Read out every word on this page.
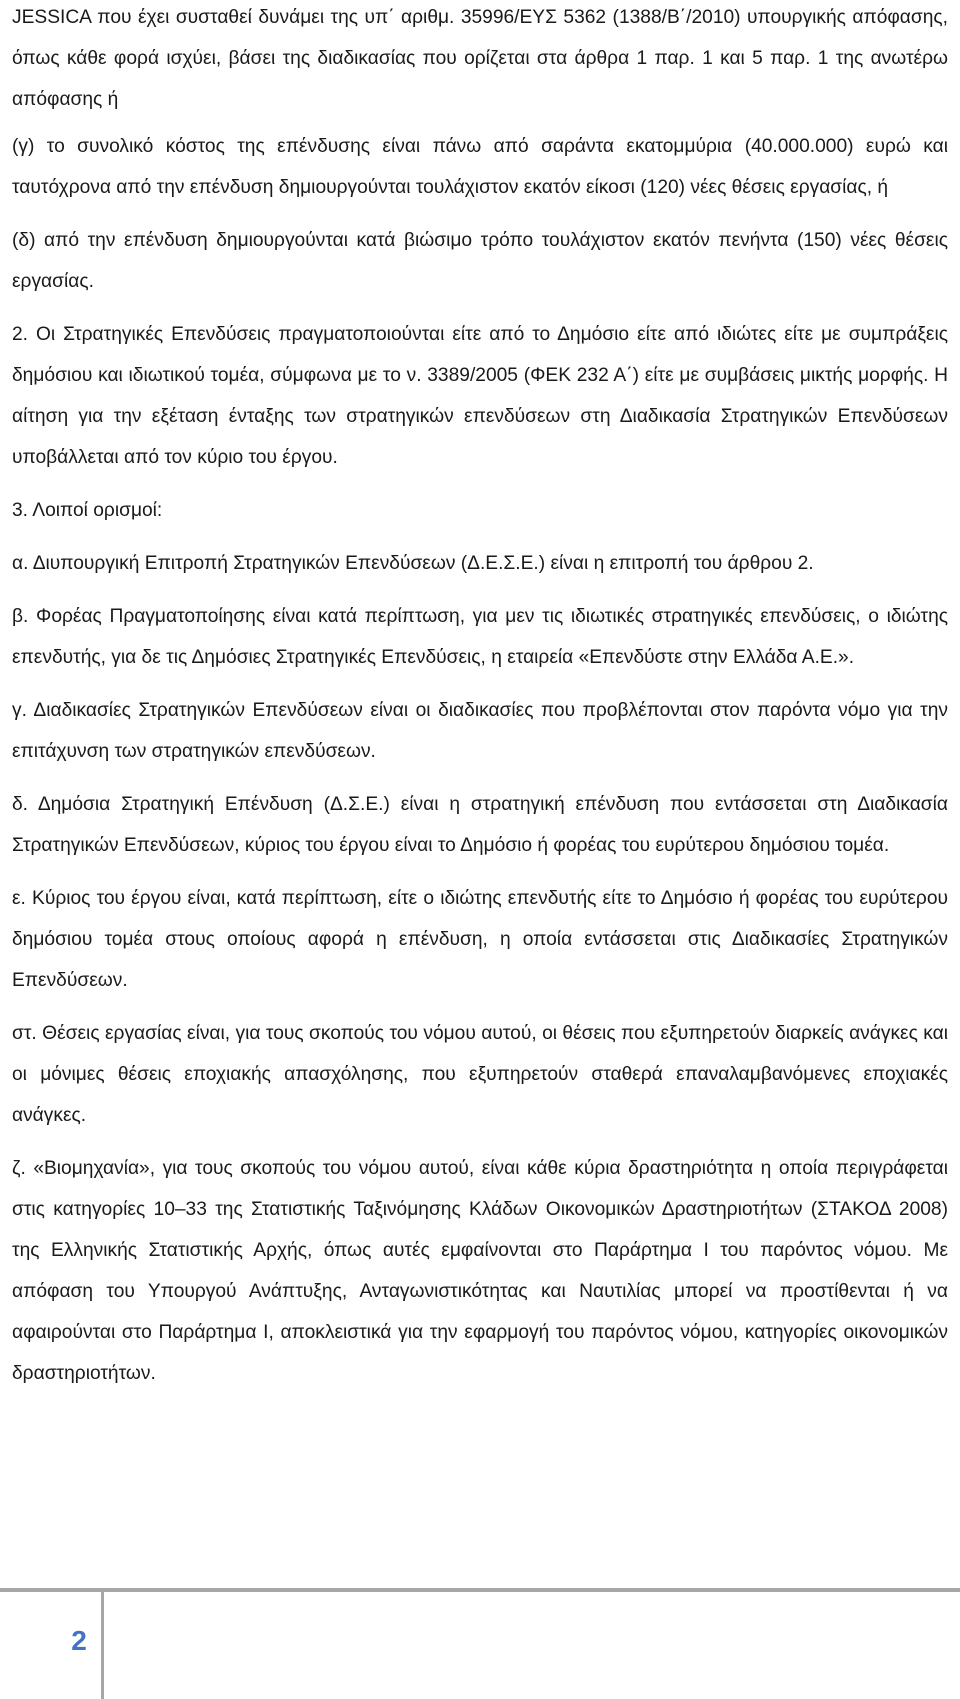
JESSICA που έχει συσταθεί δυνάμει της υπ΄ αριθμ. 35996/ΕΥΣ 5362 (1388/Β΄/2010) υπουργικής απόφασης, όπως κάθε φορά ισχύει, βάσει της διαδικασίας που ορίζεται στα άρθρα 1 παρ. 1 και 5 παρ. 1 της ανωτέρω απόφασης ή

(γ) το συνολικό κόστος της επένδυσης είναι πάνω από σαράντα εκατομμύρια (40.000.000) ευρώ και ταυτόχρονα από την επένδυση δημιουργούνται τουλάχιστον εκατόν είκοσι (120) νέες θέσεις εργασίας, ή

(δ) από την επένδυση δημιουργούνται κατά βιώσιμο τρόπο τουλάχιστον εκατόν πενήντα (150) νέες θέσεις εργασίας.

2. Οι Στρατηγικές Επενδύσεις πραγματοποιούνται είτε από το Δημόσιο είτε από ιδιώτες είτε με συμπράξεις δημόσιου και ιδιωτικού τομέα, σύμφωνα με το ν. 3389/2005 (ΦΕΚ 232 Α΄) είτε με συμβάσεις μικτής μορφής. Η αίτηση για την εξέταση ένταξης των στρατηγικών επενδύσεων στη Διαδικασία Στρατηγικών Επενδύσεων υποβάλλεται από τον κύριο του έργου.

3. Λοιποί ορισμοί:

α. Διυπουργική Επιτροπή Στρατηγικών Επενδύσεων (Δ.Ε.Σ.Ε.) είναι η επιτροπή του άρθρου 2.

β. Φορέας Πραγματοποίησης είναι κατά περίπτωση, για μεν τις ιδιωτικές στρατηγικές επενδύσεις, ο ιδιώτης επενδυτής, για δε τις Δημόσιες Στρατηγικές Επενδύσεις, η εταιρεία «Επενδύστε στην Ελλάδα Α.Ε.».

γ. Διαδικασίες Στρατηγικών Επενδύσεων είναι οι διαδικασίες που προβλέπονται στον παρόντα νόμο για την επιτάχυνση των στρατηγικών επενδύσεων.

δ. Δημόσια Στρατηγική Επένδυση (Δ.Σ.Ε.) είναι η στρατηγική επένδυση που εντάσσεται στη Διαδικασία Στρατηγικών Επενδύσεων, κύριος του έργου είναι το Δημόσιο ή φορέας του ευρύτερου δημόσιου τομέα.

ε. Κύριος του έργου είναι, κατά περίπτωση, είτε ο ιδιώτης επενδυτής είτε το Δημόσιο ή φορέας του ευρύτερου δημόσιου τομέα στους οποίους αφορά η επένδυση, η οποία εντάσσεται στις Διαδικασίες Στρατηγικών Επενδύσεων.

στ. Θέσεις εργασίας είναι, για τους σκοπούς του νόμου αυτού, οι θέσεις που εξυπηρετούν διαρκείς ανάγκες και οι μόνιμες θέσεις εποχιακής απασχόλησης, που εξυπηρετούν σταθερά επαναλαμβανόμενες εποχιακές ανάγκες.

ζ. «Βιομηχανία», για τους σκοπούς του νόμου αυτού, είναι κάθε κύρια δραστηριότητα η οποία περιγράφεται στις κατηγορίες 10–33 της Στατιστικής Ταξινόμησης Κλάδων Οικονομικών Δραστηριοτήτων (ΣΤΑΚΟΔ 2008) της Ελληνικής Στατιστικής Αρχής, όπως αυτές εμφαίνονται στο Παράρτημα Ι του παρόντος νόμου. Με απόφαση του Υπουργού Ανάπτυξης, Ανταγωνιστικότητας και Ναυτιλίας μπορεί να προστίθενται ή να αφαιρούνται στο Παράρτημα Ι, αποκλειστικά για την εφαρμογή του παρόντος νόμου, κατηγορίες οικονομικών δραστηριοτήτων.

2
